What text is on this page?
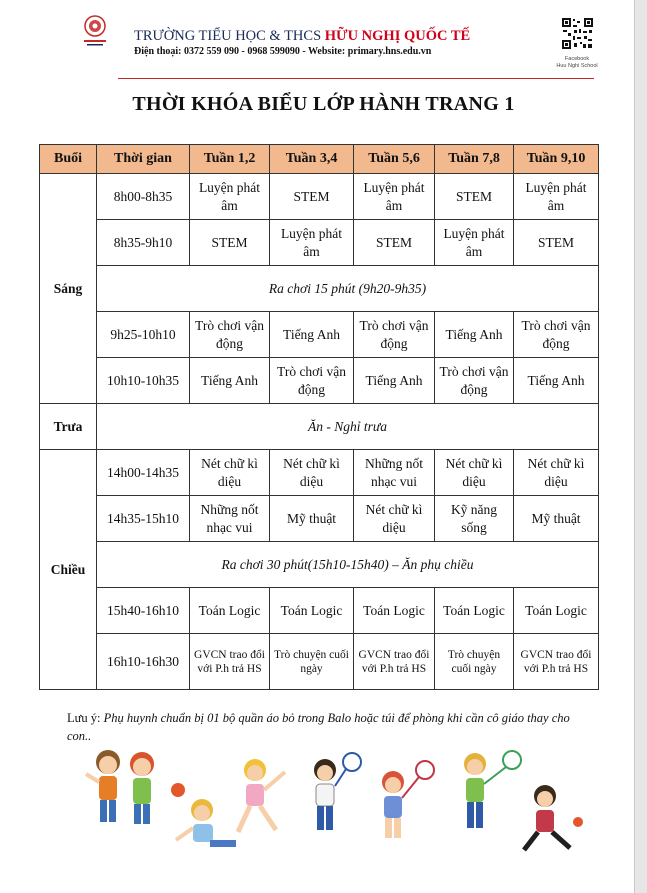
TRƯỜNG TIỂU HỌC & THCS HỮU NGHỊ QUỐC TẾ
Điện thoại: 0372 559 090 - 0968 599090 - Website: primary.hns.edu.vn
Facebook
Huu Nghi School
THỜI KHÓA BIỂU LỚP HÀNH TRANG 1
Buổi	Thời gian	Tuần 1,2	Tuần 3,4	Tuần 5,6	Tuần 7,8	Tuần 9,10
Sáng	8h00-8h35	Luyện phát âm	STEM	Luyện phát âm	STEM	Luyện phát âm
	8h35-9h10	STEM	Luyện phát âm	STEM	Luyện phát âm	STEM
	Ra chơi 15 phút (9h20-9h35)					
	9h25-10h10	Trò chơi vận động	Tiếng Anh	Trò chơi vận động	Tiếng Anh	Trò chơi vận động
	10h10-10h35	Tiếng Anh	Trò chơi vận động	Tiếng Anh	Trò chơi vận động	Tiếng Anh
Trưa	Ăn - Nghỉ trưa					
Chiều	14h00-14h35	Nét chữ kì diệu	Nét chữ kì diệu	Những nốt nhạc vui	Nét chữ kì diệu	Nét chữ kì diệu
	14h35-15h10	Những nốt nhạc vui	Mỹ thuật	Nét chữ kì diệu	Kỹ năng sống	Mỹ thuật
	Ra chơi 30 phút(15h10-15h40) – Ăn phụ chiều					
	15h40-16h10	Toán Logic	Toán Logic	Toán Logic	Toán Logic	Toán Logic
	16h10-16h30	GVCN trao đổi với P.h trả HS	Trò chuyện cuối ngày	GVCN trao đổi với P.h trả HS	Trò chuyện cuối ngày	GVCN trao đổi với P.h trả HS
Lưu ý: Phụ huynh chuẩn bị 01 bộ quần áo bỏ trong Balo hoặc túi để phòng khi cần cô giáo thay cho con..
